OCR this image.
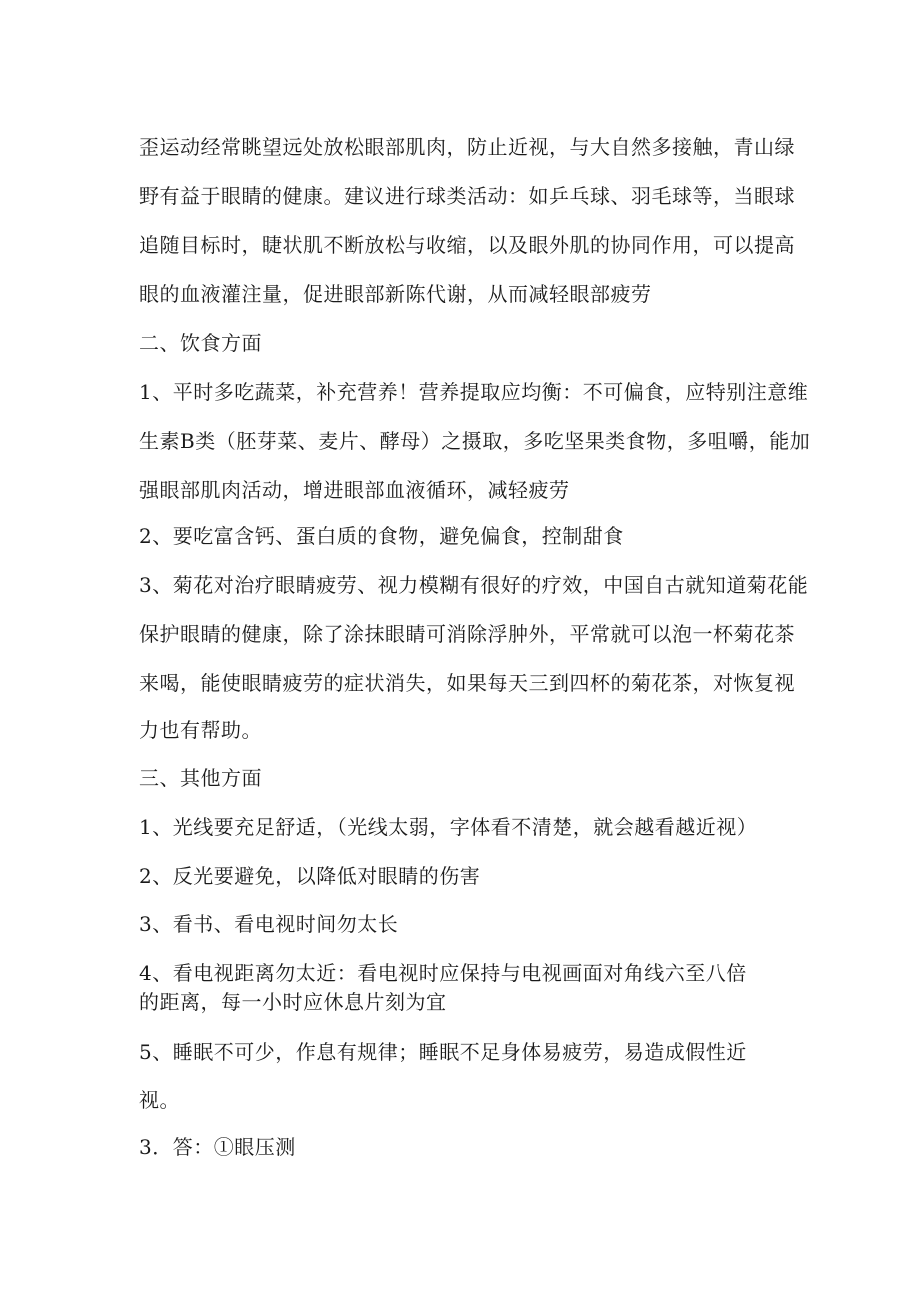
歪运动经常眺望远处放松眼部肌肉，防止近视，与大自然多接触，青山绿
野有益于眼睛的健康。建议进行球类活动：如乒乓球、羽毛球等，当眼球
追随目标时，睫状肌不断放松与收缩，以及眼外肌的协同作用，可以提高
眼的血液灌注量，促进眼部新陈代谢，从而减轻眼部疲劳
二、饮食方面
1、平时多吃蔬菜，补充营养！营养提取应均衡：不可偏食，应特别注意维
生素B类（胚芽菜、麦片、酵母）之摄取，多吃坚果类食物，多咀嚼，能加
强眼部肌肉活动，增进眼部血液循环，减轻疲劳
2、要吃富含钙、蛋白质的食物，避免偏食，控制甜食
3、菊花对治疗眼睛疲劳、视力模糊有很好的疗效，中国自古就知道菊花能
保护眼睛的健康，除了涂抹眼睛可消除浮肿外，平常就可以泡一杯菊花茶
来喝，能使眼睛疲劳的症状消失，如果每天三到四杯的菊花茶，对恢复视
力也有帮助。
三、其他方面
1、光线要充足舒适，（光线太弱，字体看不清楚，就会越看越近视）
2、反光要避免，以降低对眼睛的伤害
3、看书、看电视时间勿太长
4、看电视距离勿太近：看电视时应保持与电视画面对角线六至八倍
的距离，每一小时应休息片刻为宜
5、睡眠不可少，作息有规律；睡眠不足身体易疲劳，易造成假性近
视。
3．答：①眼压测
